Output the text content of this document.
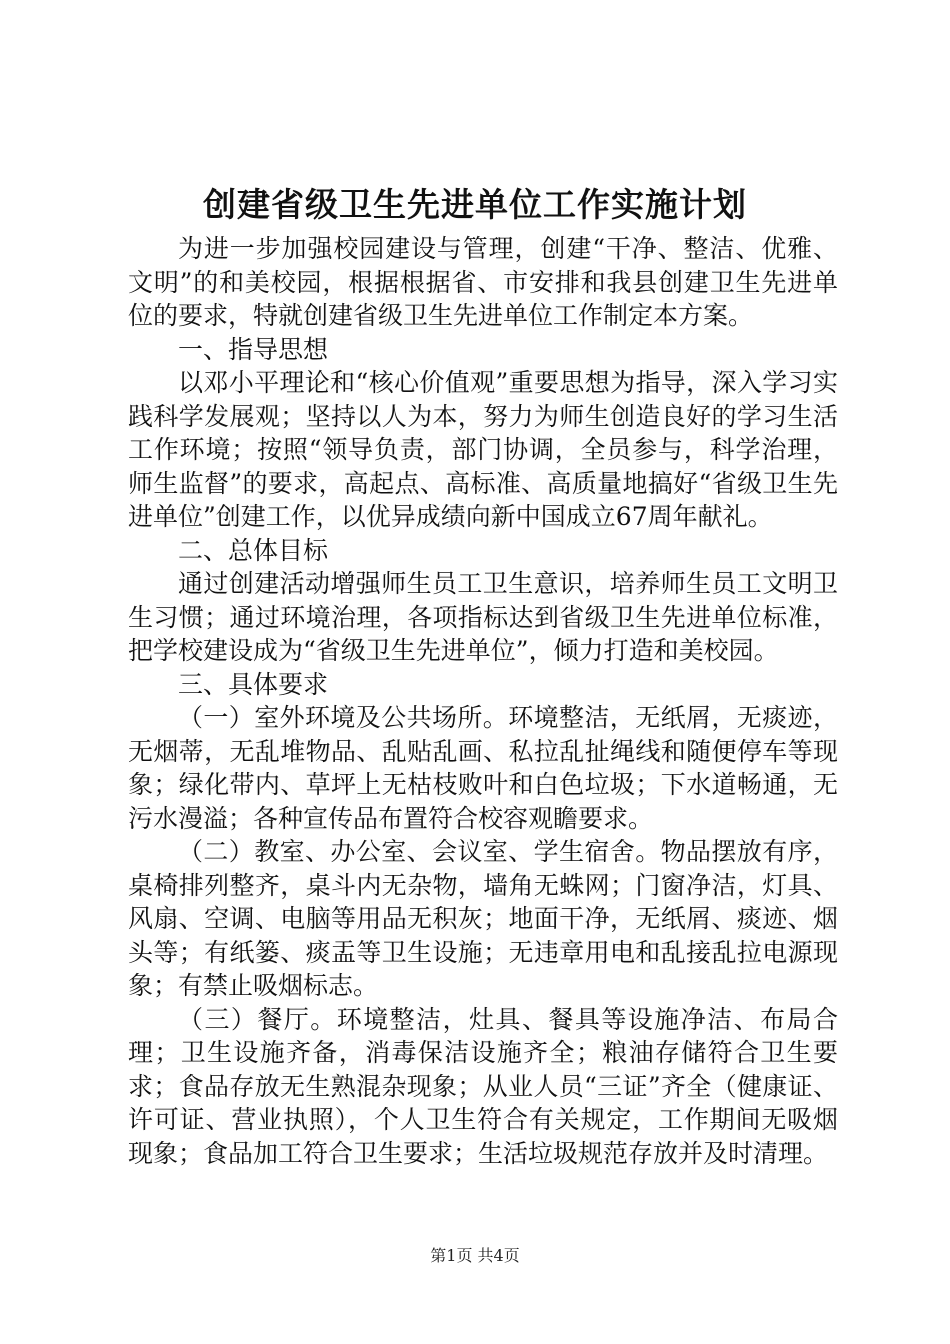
创建省级卫生先进单位工作实施计划

为进一步加强校园建设与管理，创建“干净、整洁、优雅、文明”的和美校园，根据根据省、市安排和我县创建卫生先进单位的要求，特就创建省级卫生先进单位工作制定本方案。

一、指导思想

以邓小平理论和“核心价值观”重要思想为指导，深入学习实践科学发展观；坚持以人为本，努力为师生创造良好的学习生活工作环境；按照“领导负责，部门协调，全员参与，科学治理，师生监督”的要求，高起点、高标准、高质量地搞好“省级卫生先进单位”创建工作，以优异成绩向新中国成立67周年献礼。

二、总体目标

通过创建活动增强师生员工卫生意识，培养师生员工文明卫生习惯；通过环境治理，各项指标达到省级卫生先进单位标准，把学校建设成为“省级卫生先进单位”，倾力打造和美校园。

三、具体要求

（一）室外环境及公共场所。环境整洁，无纸屑，无痰迹，无烟蒂，无乱堆物品、乱贴乱画、私拉乱扯绳线和随便停车等现象；绿化带内、草坪上无枯枝败叶和白色垃圾；下水道畅通，无污水漫溢；各种宣传品布置符合校容观瞻要求。

（二）教室、办公室、会议室、学生宿舍。物品摆放有序，桌椅排列整齐，桌斗内无杂物，墙角无蛛网；门窗净洁，灯具、风扇、空调、电脑等用品无积灰；地面干净，无纸屑、痰迹、烟头等；有纸篓、痰盂等卫生设施；无违章用电和乱接乱拉电源现象；有禁止吸烟标志。

（三）餐厅。环境整洁，灶具、餐具等设施净洁、布局合理；卫生设施齐备，消毒保洁设施齐全；粮油存储符合卫生要求；食品存放无生熟混杂现象；从业人员“三证”齐全（健康证、许可证、营业执照），个人卫生符合有关规定，工作期间无吸烟现象；食品加工符合卫生要求；生活垃圾规范存放并及时清理。

第1页 共4页
